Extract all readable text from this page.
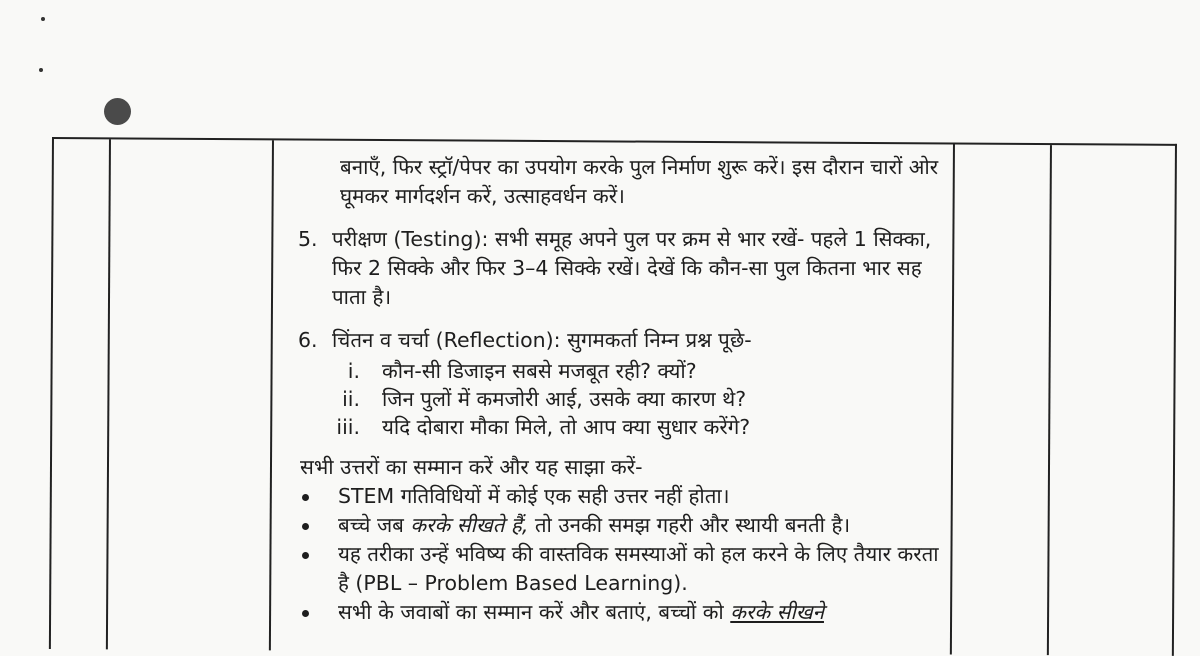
बनाएँ, फिर स्ट्रॉ/पेपर का उपयोग करके पुल निर्माण शुरू करें। इस दौरान चारों ओर घूमकर मार्गदर्शन करें, उत्साहवर्धन करें।

5. परीक्षण (Testing): सभी समूह अपने पुल पर क्रम से भार रखें- पहले 1 सिक्का, फिर 2 सिक्के और फिर 3–4 सिक्के रखें। देखें कि कौन-सा पुल कितना भार सह पाता है।
6. चिंतन व चर्चा (Reflection): सुगमकर्ता निम्न प्रश्न पूछे-
i. कौन-सी डिजाइन सबसे मजबूत रही? क्यों?
ii. जिन पुलों में कमजोरी आई, उसके क्या कारण थे?
iii. यदि दोबारा मौका मिले, तो आप क्या सुधार करेंगे?

सभी उत्तरों का सम्मान करें और यह साझा करें-

STEM गतिविधियों में कोई एक सही उत्तर नहीं होता।
बच्चे जब करके सीखते हैं, तो उनकी समझ गहरी और स्थायी बनती है।
यह तरीका उन्हें भविष्य की वास्तविक समस्याओं को हल करने के लिए तैयार करता है (PBL – Problem Based Learning).
सभी के जवाबों का सम्मान करें और बताएं, बच्चों को करके सीखने
